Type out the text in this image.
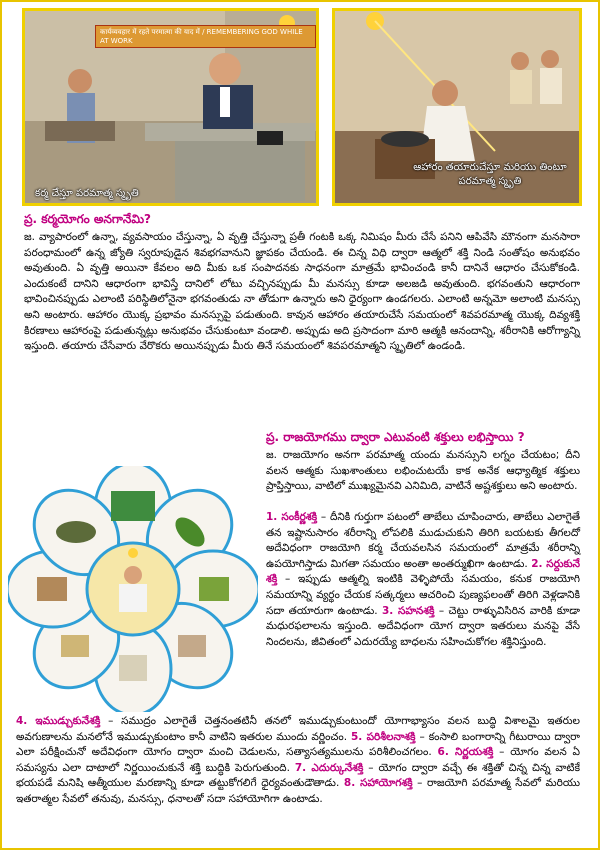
कार्यव्यवहार में रहते परमात्मा की याद में / REMEMBERING GOD WHILE AT WORK
కర్మ చేస్తూ పరమాత్మ స్మృతి
ఆహారం తయారుచేస్తూ మరియు తింటూ పరమాత్మ స్మృతి
ప్ర. కర్మయోగం అనగానేమి?
జ. వ్యాపారంలో ఉన్నా, వ్యవసాయం చేస్తున్నా, ఏ వృత్తి చేస్తున్నా ప్రతీ గంటకి ఒక్క నిమిషం మీరు చేసే పనిని ఆపివేసి మౌనంగా మనసారా పరంధామంలో ఉన్న జ్యోతి స్వరూపుడైన శివభగవానుని జ్ఞాపకం చేయండి. ఈ చిన్న విధి ద్వారా ఆత్మలో శక్తి నిండి సంతోషం అనుభవం అవుతుంది. ఏ వృత్తి అయినా కేవలం అది మీకు ఒక సంపాదనకు సాధనంగా మాత్రమే భావించండి కానీ దానినే ఆధారం చేసుకోకండి. ఎందుకంటే దానిని ఆధారంగా భావిస్తే దానిలో లోటు వచ్చినప్పుడు మీ మనస్సు కూడా అలజడి అవుతుంది. భగవంతుని ఆధారంగా భావించినప్పుడు ఎలాంటి పరిస్థితిలోనైనా భగవంతుడు నా తోడుగా ఉన్నారు అని ధైర్యంగా ఉండగలరు. ఎలాంటి అన్నమో అలాంటి మనస్సు అని అంటారు. ఆహారం యొక్క ప్రభావం మనస్సుపై పడుతుంది. కావున ఆహారం తయారుచేసే సమయంలో శివపరమాత్మ యొక్క దివ్యశక్తి కిరణాలు ఆహారంపై పడుతున్నట్లు అనుభవం చేసుకుంటూ వండాలి. అప్పుడు అది ప్రసాదంగా మారి ఆత్మకి ఆనందాన్ని, శరీరానికి ఆరోగ్యాన్ని ఇస్తుంది. తయారు చేసేవారు వేరొకరు అయినప్పుడు మీరు తినే సమయంలో శివపరమాత్మని స్మృతిలో ఉండండి.
ప్ర. రాజయోగము ద్వారా ఎటువంటి శక్తులు లభిస్తాయి ?
జ. రాజయోగం అనగా పరమాత్మ యందు మనస్సుని లగ్నం చేయటం; దీని వలన ఆత్మకు సుఖశాంతులు లభించుటయే కాక అనేక ఆధ్యాత్మిక శక్తులు ప్రాప్తిస్తాయి, వాటిలో ముఖ్యమైనవి ఎనిమిది, వాటినే అష్టశక్తులు అని అంటారు.
1. సంకీర్ణశక్తి – దీనికి గుర్తుగా పటంలో తాబేలు చూపించారు, తాబేలు ఎలాగైతే తన ఇష్టానుసారం శరీరాన్ని లోపలికి ముడుచుకుని తిరిగి బయటకు తీగలదో అదేవిధంగా రాజయోగి కర్మ చేయవలసిన సమయంలో మాత్రమే శరీరాన్ని ఉపయోగిస్తాడు మిగతా సమయం అంతా అంతర్ముఖిగా ఉంటాడు. 2. సర్దుకునే శక్తి – ఇప్పుడు ఆత్మల్ని ఇంటికి వెళ్ళిపోయే సమయం, కనుక రాజయోగి సమయాన్ని వ్యర్థం చేయక సత్కర్మలు ఆచరించి పుణ్యఫలంతో తిరిగి వెళ్లడానికి సదా తయారుగా ఉంటాడు. 3. సహనశక్తి – చెట్టు రాళ్ళువిసిరిన వారికి కూడా మధురఫలాలను ఇస్తుంది. అదేవిధంగా యోగ ద్వారా ఇతరులు మనపై వేసే నిందలను, జీవితంలో ఎదురయ్యే బాధలను సహించుకోగల శక్తినిస్తుంది.
4. ఇముడ్చుకునేశక్తి – సముద్రం ఎలాగైతే చెత్తనంతటినీ తనలో ఇముడ్చుకుంటుందో యోగాభ్యాసం వలన బుద్ధి విశాలమై ఇతరుల అవగుణాలను మనలోనే ఇముడ్చుకుంటాం కానీ వాటిని ఇతరుల ముందు వర్ణించం. 5. పరిశీలనాశక్తి – కంసాలి బంగారాన్ని గీటురాయి ద్వారా ఎలా పరీక్షించునో అదేవిధంగా యోగం ద్వారా మంచి చెడులను, సత్యాసత్యములను పరిశీలించగలం. 6. నిర్ణయశక్తి – యోగం వలన ఏ సమస్యను ఎలా దాటాలో నిర్ణయించుకునే శక్తి బుద్ధికి పెరుగుతుంది. 7. ఎదుర్కునేశక్తి – యోగం ద్వారా వచ్చే ఈ శక్తితో చిన్న చిన్న వాటికే భయపడే మనిషి ఆత్మీయుల మరణాన్ని కూడా తట్టుకోగలిగే ధైర్యవంతుడౌతాడు. 8. సహాయోగశక్తి – రాజయోగి పరమాత్మ సేవలో మరియు ఇతరాత్మల సేవలో తనువు, మనస్సు, ధనాలతో సదా సహాయోగిగా ఉంటాడు.
